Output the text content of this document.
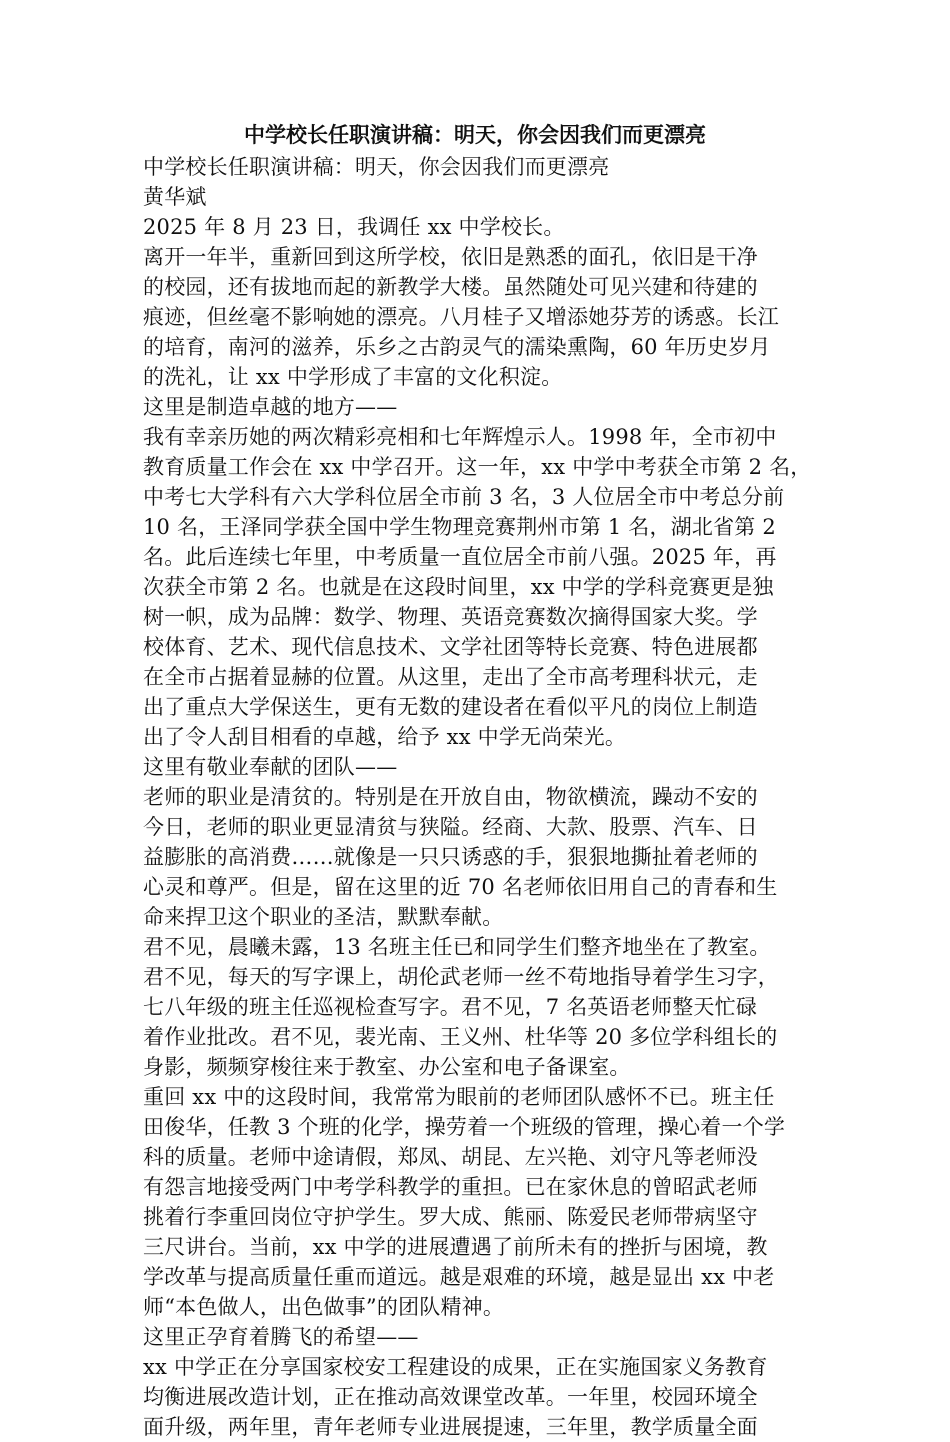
中学校长任职演讲稿：明天，你会因我们而更漂亮
中学校长任职演讲稿：明天，你会因我们而更漂亮
黄华斌
2025 年 8 月 23 日，我调任 xx 中学校长。
离开一年半，重新回到这所学校，依旧是熟悉的面孔，依旧是干净
的校园，还有拔地而起的新教学大楼。虽然随处可见兴建和待建的
痕迹，但丝毫不影响她的漂亮。八月桂子又增添她芬芳的诱惑。长江
的培育，南河的滋养，乐乡之古韵灵气的濡染熏陶，60 年历史岁月
的洗礼，让 xx 中学形成了丰富的文化积淀。
这里是制造卓越的地方——
我有幸亲历她的两次精彩亮相和七年辉煌示人。1998 年，全市初中
教育质量工作会在 xx 中学召开。这一年，xx 中学中考获全市第 2 名，
中考七大学科有六大学科位居全市前 3 名，3 人位居全市中考总分前
10 名，王泽同学获全国中学生物理竞赛荆州市第 1 名，湖北省第 2
名。此后连续七年里，中考质量一直位居全市前八强。2025 年，再
次获全市第 2 名。也就是在这段时间里，xx 中学的学科竞赛更是独
树一帜，成为品牌：数学、物理、英语竞赛数次摘得国家大奖。学
校体育、艺术、现代信息技术、文学社团等特长竞赛、特色进展都
在全市占据着显赫的位置。从这里，走出了全市高考理科状元，走
出了重点大学保送生，更有无数的建设者在看似平凡的岗位上制造
出了令人刮目相看的卓越，给予 xx 中学无尚荣光。
这里有敬业奉献的团队——
老师的职业是清贫的。特别是在开放自由，物欲横流，躁动不安的
今日，老师的职业更显清贫与狭隘。经商、大款、股票、汽车、日
益膨胀的高消费……就像是一只只诱惑的手，狠狠地撕扯着老师的
心灵和尊严。但是，留在这里的近 70 名老师依旧用自己的青春和生
命来捍卫这个职业的圣洁，默默奉献。
君不见，晨曦未露，13 名班主任已和同学生们整齐地坐在了教室。
君不见，每天的写字课上，胡伦武老师一丝不苟地指导着学生习字，
七八年级的班主任巡视检查写字。君不见，7 名英语老师整天忙碌
着作业批改。君不见，裴光南、王义州、杜华等 20 多位学科组长的
身影，频频穿梭往来于教室、办公室和电子备课室。
重回 xx 中的这段时间，我常常为眼前的老师团队感怀不已。班主任
田俊华，任教 3 个班的化学，操劳着一个班级的管理，操心着一个学
科的质量。老师中途请假，郑凤、胡昆、左兴艳、刘守凡等老师没
有怨言地接受两门中考学科教学的重担。已在家休息的曾昭武老师
挑着行李重回岗位守护学生。罗大成、熊丽、陈爱民老师带病坚守
三尺讲台。当前，xx 中学的进展遭遇了前所未有的挫折与困境，教
学改革与提高质量任重而道远。越是艰难的环境，越是显出 xx 中老
师“本色做人，出色做事”的团队精神。
这里正孕育着腾飞的希望——
xx 中学正在分享国家校安工程建设的成果，正在实施国家义务教育
均衡进展改造计划，正在推动高效课堂改革。一年里，校园环境全
面升级，两年里，青年老师专业进展提速，三年里，教学质量全面
